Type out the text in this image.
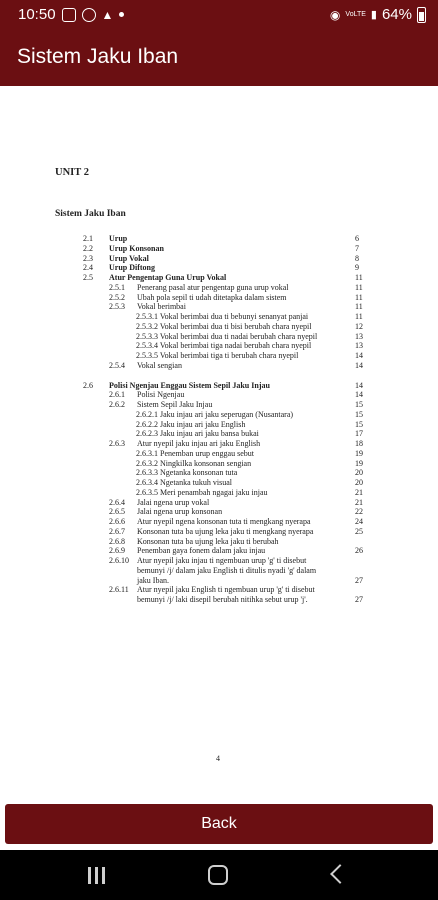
10:50	▲	◉ VoLTE ▮ 64%
Sistem Jaku Iban
UNIT 2
Sistem Jaku Iban
2.1 Urup	6
2.2 Urup Konsonan	7
2.3 Urup Vokal	8
2.4 Urup Diftong	9
2.5 Atur Pengentap Guna Urup Vokal	11
2.5.1 Penerang pasal atur pengentap guna urup vokal	11
2.5.2 Ubah pola sepil ti udah ditetapka dalam sistem	11
2.5.3 Vokal berimbai	11
2.5.3.1 Vokal berimbai dua ti bebunyi senanyat panjai	11
2.5.3.2 Vokal berimbai dua ti bisi berubah chara nyepil	12
2.5.3.3 Vokal berimbai dua ti nadai berubah chara nyepil	13
2.5.3.4 Vokal berimbai tiga nadai berubah chara nyepil	13
2.5.3.5 Vokal berimbai tiga ti berubah chara nyepil	14
2.5.4 Vokal sengian	14
2.6 Polisi Ngenjau Enggau Sistem Sepil Jaku Injau	14
2.6.1 Polisi Ngenjau	14
2.6.2 Sistem Sepil Jaku Injau	15
2.6.2.1 Jaku injau ari jaku seperugan (Nusantara)	15
2.6.2.2 Jaku injau ari jaku English	15
2.6.2.3 Jaku injau ari jaku bansa bukai	17
2.6.3 Atur nyepil jaku injau ari jaku English	18
2.6.3.1 Penemban urup enggau sebut	19
2.6.3.2 Ningkilka konsonan sengian	19
2.6.3.3 Ngetanka konsonan tuta	20
2.6.3.4 Ngetanka tukuh visual	20
2.6.3.5 Meri penambah ngagai jaku injau	21
2.6.4 Jalai ngena urup vokal	21
2.6.5 Jalai ngena urup konsonan	22
2.6.6 Atur nyepil ngena konsonan tuta ti mengkang nyerapa	24
2.6.7 Konsonan tuta ba ujung leka jaku ti mengkang nyerapa	25
2.6.8 Konsonan tuta ba ujung leka jaku ti berubah
2.6.9 Penemban gaya fonem dalam jaku injau	26
2.6.10 Atur nyepil jaku injau ti ngembuan urup 'g' ti disebut
bemunyi /j/ dalam jaku English ti ditulis nyadi 'g' dalam
jaku Iban.	27
2.6.11 Atur nyepil jaku English ti ngembuan urup 'g' ti disebut
bemunyi /j/ laki disepil berubah nitihka sebut urup 'j'.	27
4
Back
